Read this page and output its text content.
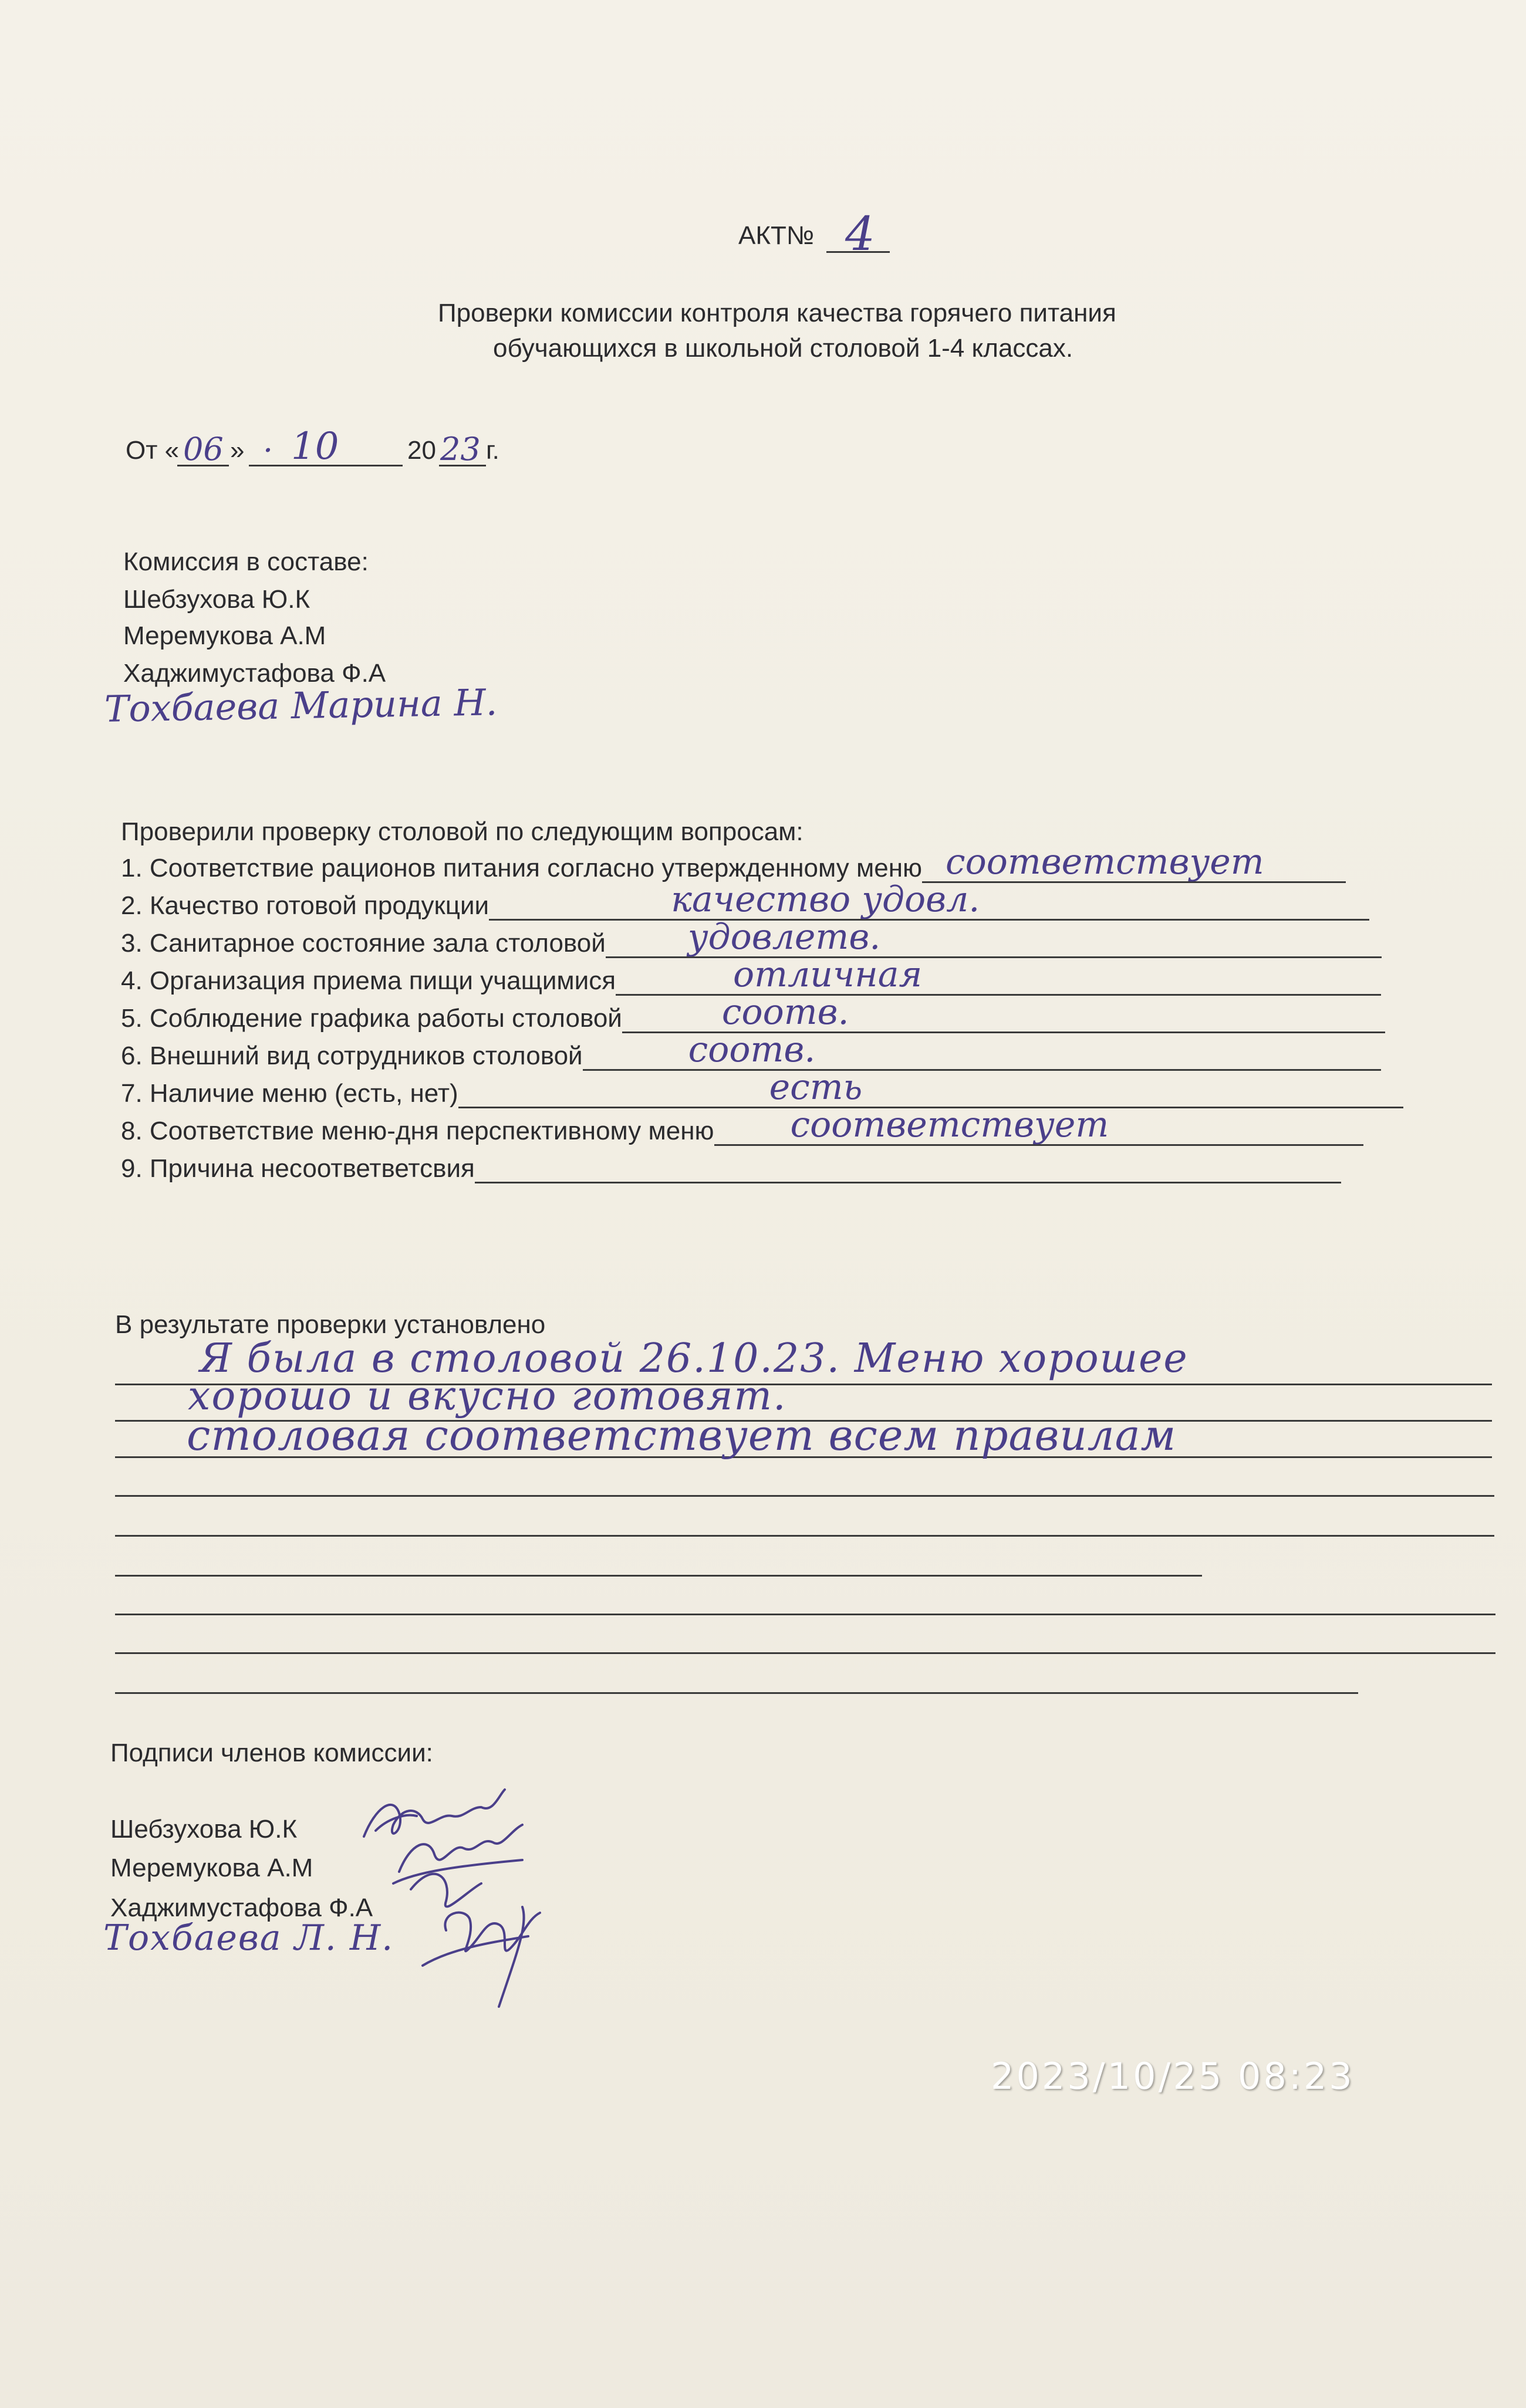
АКТ№ 4
Проверки комиссии контроля качества горячего питания
обучающихся в школьной столовой 1-4 классах.
От « 06 » · 10	20 23 г.
Комиссия в составе:
Шебзухова Ю.К
Меремукова А.М
Хаджимустафова Ф.А
Тохбаева Марина Н.
Проверили проверку столовой по следующим вопросам:
1. Соответствие рационов питания согласно утвержденному меню соответствует
2. Качество готовой продукции	качество удовл.
3. Санитарное состояние зала столовой удовлетв.
4. Организация приема пищи учащимися	отличная
5. Соблюдение графика работы столовой	соотв.
6. Внешний вид сотрудников столовой	соотв.
7. Наличие меню (есть, нет)	есть
8. Соответствие меню-дня перспективному меню соответствует
9. Причина несоответветсвия
В результате проверки установлено
Я была в столовой 26.10.23. Меню хорошее
хорошо и вкусно готовят.
столовая соответствует всем правилам
Подписи членов комиссии:
Шебзухова Ю.К
Меремукова А.М
Хаджимустафова Ф.А
Тохбаева Л. Н.
2023/10/25 08:23
